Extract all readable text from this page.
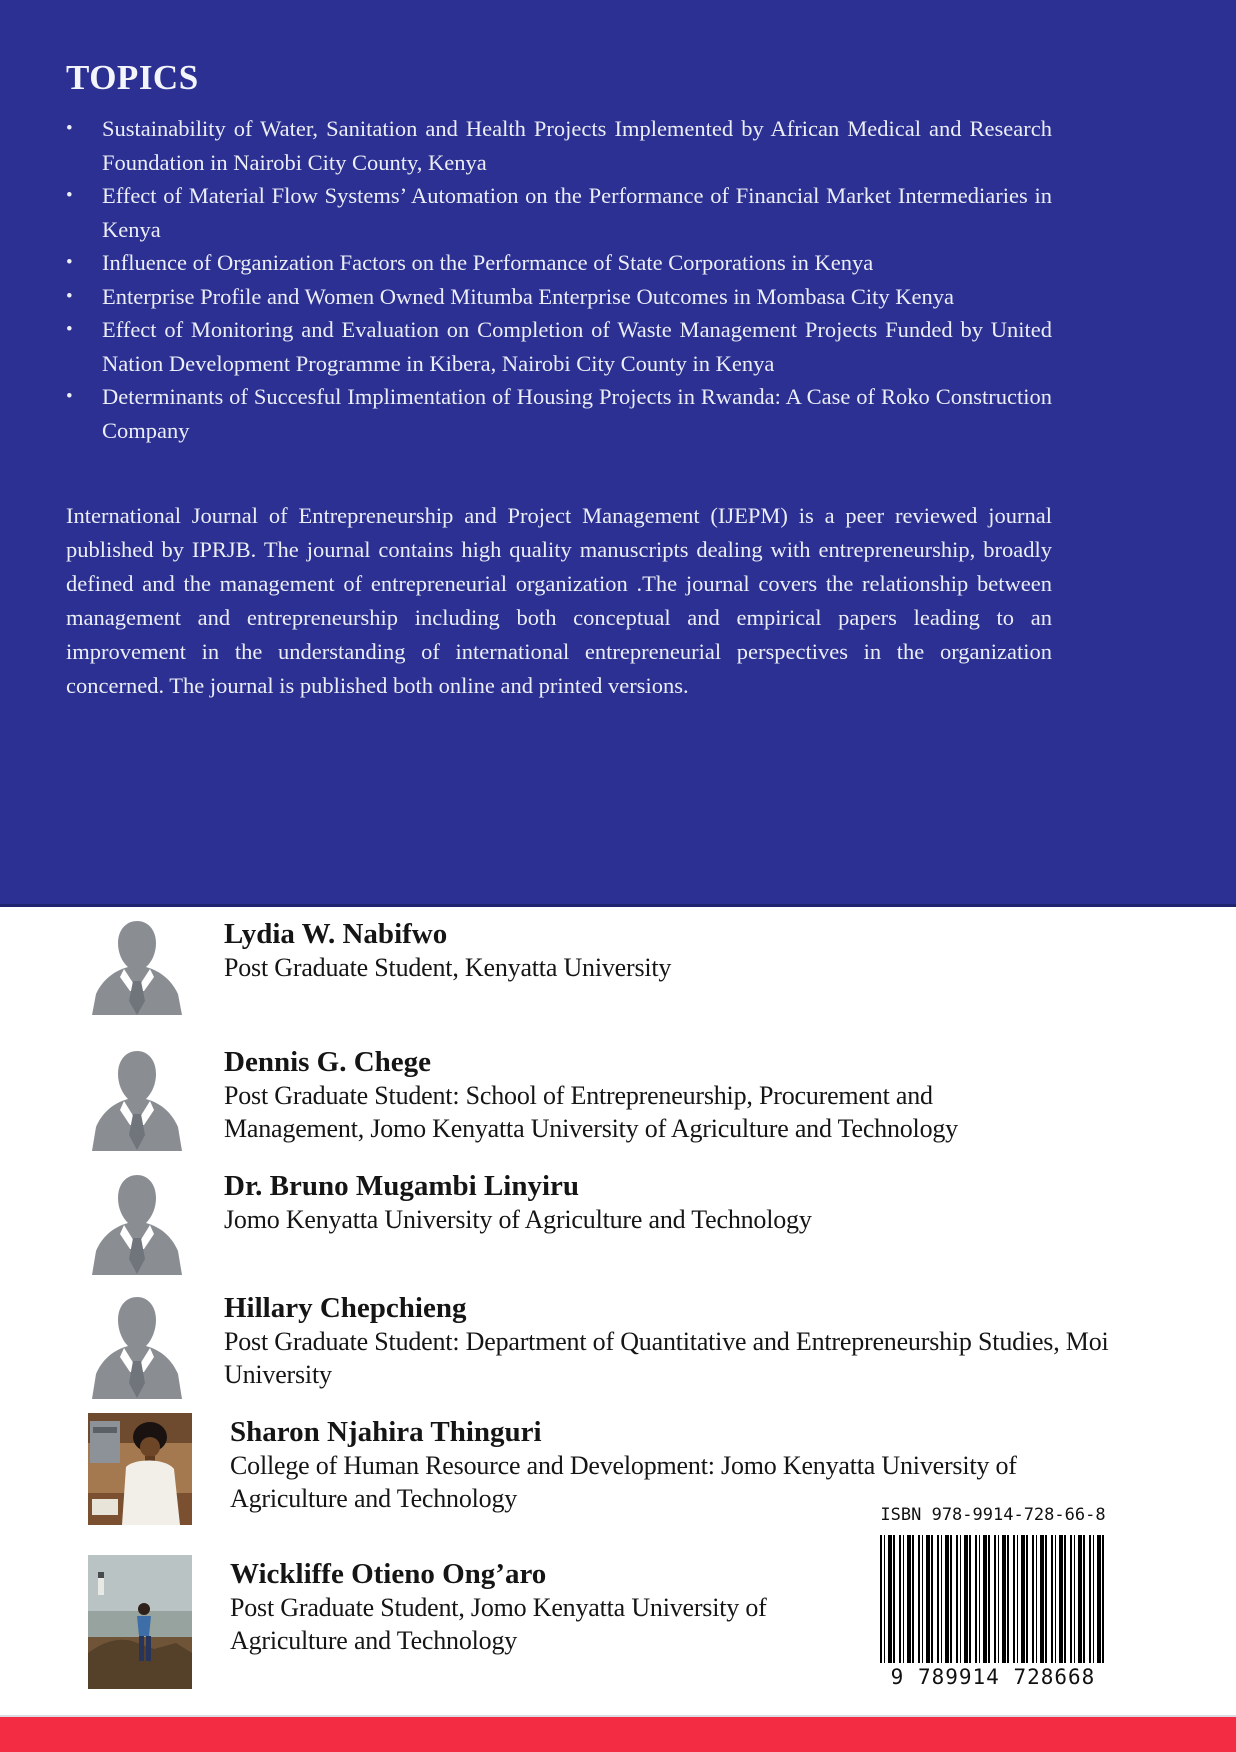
TOPICS
•	Sustainability of Water, Sanitation and Health Projects Implemented by African Medical and Research Foundation in Nairobi City County, Kenya
•	Effect of Material Flow Systems’ Automation on the Performance of Financial Market Intermediaries in Kenya
•	Influence of Organization Factors on the Performance of State Corporations in Kenya
•	Enterprise Profile and Women Owned Mitumba Enterprise Outcomes in Mombasa City Kenya
•	Effect of Monitoring and Evaluation on Completion of Waste Management Projects Funded by United Nation Development Programme in Kibera, Nairobi City County in Kenya
•	Determinants of Succesful Implimentation of Housing Projects in Rwanda: A Case of Roko Construction Company
International Journal of Entrepreneurship and Project Management (IJEPM) is a peer reviewed journal published by IPRJB. The journal contains high quality manuscripts dealing with entrepreneurship, broadly defined and the management of entrepreneurial organization .The journal covers the relationship between management and entrepreneurship including both conceptual and empirical papers leading to an improvement in the understanding of international entrepreneurial perspectives in the organization concerned. The journal is published both online and printed versions.
Lydia W. Nabifwo
Post Graduate Student, Kenyatta University
Dennis G. Chege
Post Graduate Student: School of Entrepreneurship, Procurement and Management, Jomo Kenyatta University of Agriculture and Technology
Dr. Bruno Mugambi Linyiru
Jomo Kenyatta University of Agriculture and Technology
Hillary Chepchieng
Post Graduate Student: Department of Quantitative and Entrepreneurship Studies, Moi University
Sharon Njahira Thinguri
College of Human Resource and Development: Jomo Kenyatta University of Agriculture and Technology
Wickliffe Otieno Ong’aro
Post Graduate Student, Jomo Kenyatta University of Agriculture and Technology
ISBN 978-9914-728-66-8
9 789914 728668
